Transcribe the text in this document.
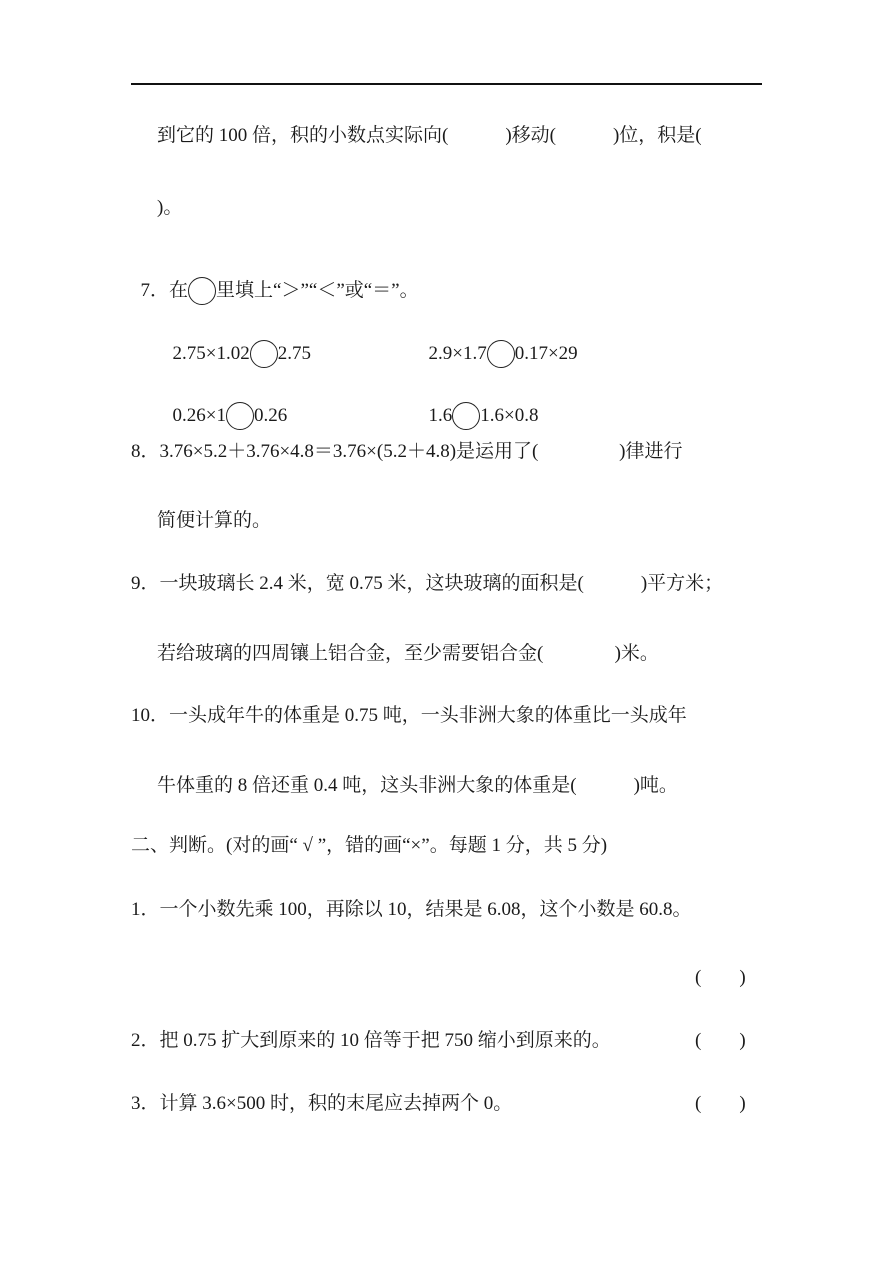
到它的 100 倍，积的小数点实际向(            )移动(            )位，积是(
)。

7．在 里填上“＞”“＜”或“＝”。

2.75×1.02 2.75	2.9×1.7 0.17×29

0.26×1 0.26	1.6 1.6×0.8

8．3.76×5.2＋3.76×4.8＝3.76×(5.2＋4.8)是运用了(                 )律进行
简便计算的。
9．一块玻璃长 2.4 米，宽 0.75 米，这块玻璃的面积是(            )平方米；
若给玻璃的四周镶上铝合金，至少需要铝合金(               )米。
10．一头成年牛的体重是 0.75 吨，一头非洲大象的体重比一头成年
牛体重的 8 倍还重 0.4 吨，这头非洲大象的体重是(            )吨。
二、判断。(对的画“ √ ”，错的画“×”。每题 1 分，共 5 分)
1．一个小数先乘 100，再除以 10，结果是 6.08，这个小数是 60.8。
(        )
2．把 0.75 扩大到原来的 10 倍等于把 750 缩小到原来的。	(        )
3．计算 3.6×500 时，积的末尾应去掉两个 0。	(        )
